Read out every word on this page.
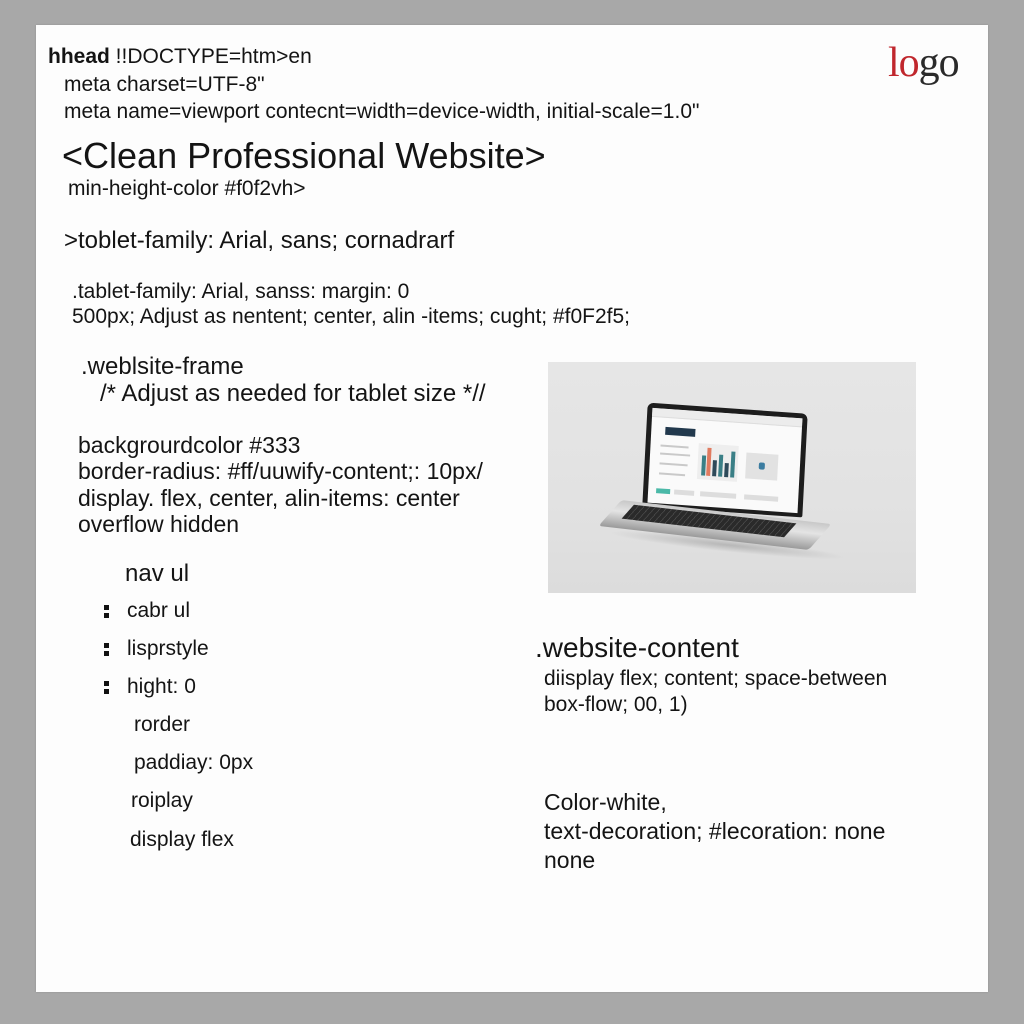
logo
hhead !!DOCTYPE=htm>en
meta charset=UTF-8"
meta name=viewport contecnt=width=device-width, initial-scale=1.0"
<Clean Professional Website>
min-height-color #f0f2vh>
>toblet-family: Arial, sans; cornadrarf
.tablet-family: Arial, sanss: margin: 0
500px; Adjust as nentent; center, alin -items; cught; #f0F2f5;
.weblsite-frame
/* Adjust as needed for tablet size *//
backgrourdcolor #333
border-radius: #ff/uuwify-content;: 10px/
display. flex, center, alin-items: center
overflow hidden
nav ul
cabr ul
lisprstyle
hight: 0
rorder
paddiay: 0px
roiplay
display flex
.website-content
diisplay flex; content; space-between
box-flow; 00, 1)
Color-white,
text-decoration; #lecoration: none
none
